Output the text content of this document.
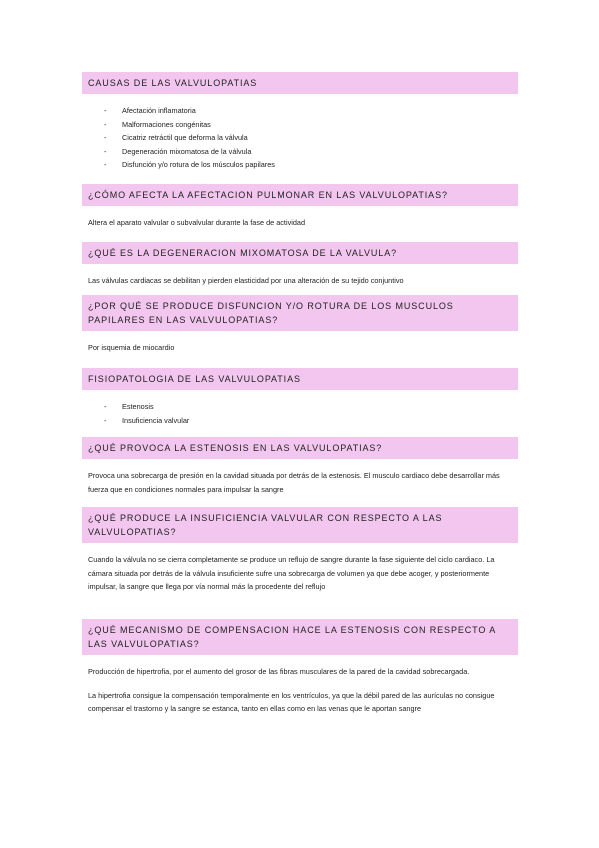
CAUSAS DE LAS VALVULOPATIAS
- Afectación inflamatoria
- Malformaciones congénitas
- Cicatriz retráctil que deforma la válvula
- Degeneración mixomatosa de la válvula
- Disfunción y/o rotura de los músculos papilares
¿CÓMO AFECTA LA AFECTACION PULMONAR EN LAS VALVULOPATIAS?

Altera el aparato valvular o subvalvular durante la fase de actividad

¿QUÉ ES LA DEGENERACION MIXOMATOSA DE LA VALVULA?

Las válvulas cardiacas se debilitan y pierden elasticidad por una alteración de su tejido conjuntivo

¿POR QUÉ SE PRODUCE DISFUNCION Y/O ROTURA DE LOS MUSCULOS PAPILARES EN LAS VALVULOPATIAS?

Por isquemia de miocardio

FISIOPATOLOGIA DE LAS VALVULOPATIAS
- Estenosis
- Insuficiencia valvular
¿QUÉ PROVOCA LA ESTENOSIS EN LAS VALVULOPATIAS?

Provoca una sobrecarga de presión en la cavidad situada por detrás de la estenosis. El musculo cardiaco debe desarrollar más fuerza que en condiciones normales para impulsar la sangre

¿QUÉ PRODUCE LA INSUFICIENCIA VALVULAR CON RESPECTO A LAS VALVULOPATIAS?

Cuando la válvula no se cierra completamente se produce un reflujo de sangre durante la fase siguiente del ciclo cardiaco. La cámara situada por detrás de la válvula insuficiente sufre una sobrecarga de volumen ya que debe acoger, y posteriormente impulsar, la sangre que llega por vía normal más la procedente del reflujo

¿QUÉ MECANISMO DE COMPENSACION HACE LA ESTENOSIS CON RESPECTO A LAS VALVULOPATIAS?

Producción de hipertrofia, por el aumento del grosor de las fibras musculares de la pared de la cavidad sobrecargada.

La hipertrofia consigue la compensación temporalmente en los ventrículos, ya que la débil pared de las aurículas no consigue compensar el trastorno y la sangre se estanca, tanto en ellas como en las venas que le aportan sangre
